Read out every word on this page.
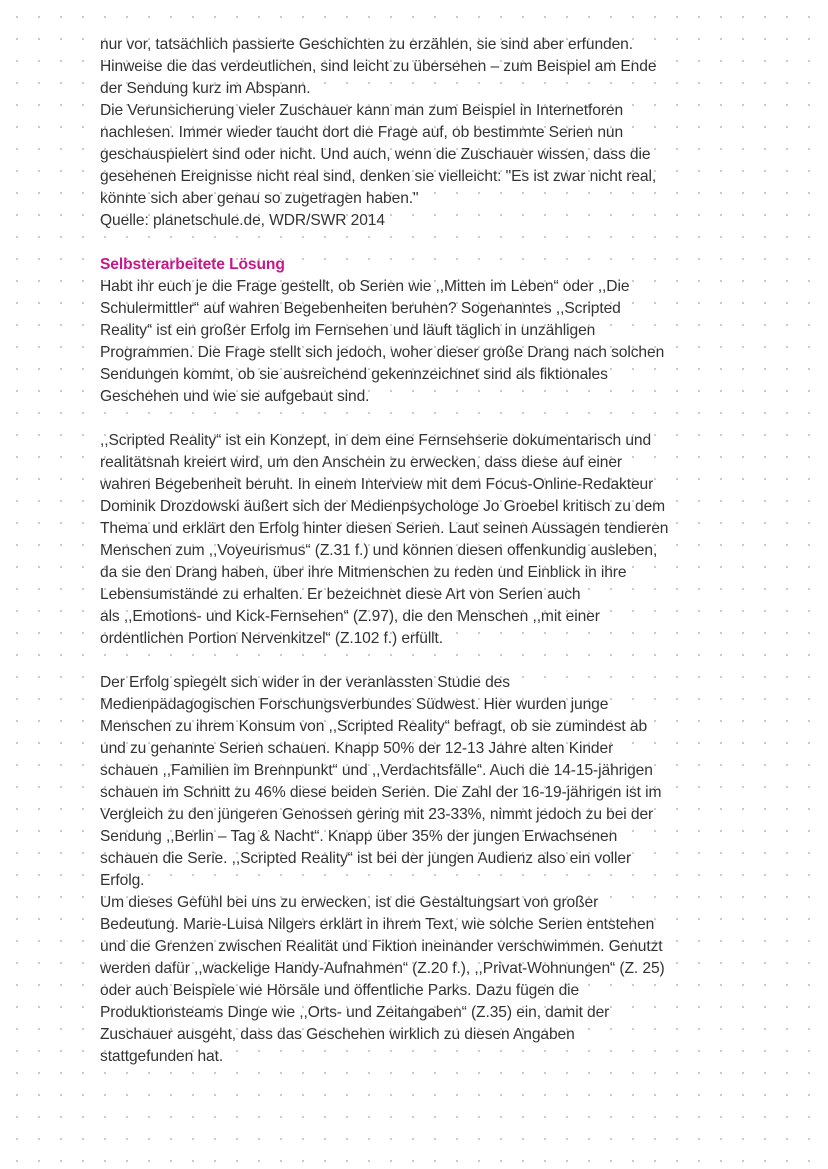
nur vor, tatsächlich passierte Geschichten zu erzählen, sie sind aber erfunden.
Hinweise die das verdeutlichen, sind leicht zu übersehen – zum Beispiel am Ende
der Sendung kurz im Abspann.
Die Verunsicherung vieler Zuschauer kann man zum Beispiel in Internetforen
nachlesen. Immer wieder taucht dort die Frage auf, ob bestimmte Serien nun
geschauspielert sind oder nicht. Und auch, wenn die Zuschauer wissen, dass die
gesehenen Ereignisse nicht real sind, denken sie vielleicht: "Es ist zwar nicht real,
könnte sich aber genau so zugetragen haben."
Quelle: planetschule.de, WDR/SWR 2014

Selbsterarbeitete Lösung

Habt ihr euch je die Frage gestellt, ob Serien wie ,,Mitten im Leben“ oder ,,Die
Schulermittler“ auf wahren Begebenheiten beruhen? Sogenanntes ,,Scripted
Reality“ ist ein großer Erfolg im Fernsehen und läuft täglich in unzähligen
Programmen. Die Frage stellt sich jedoch, woher dieser große Drang nach solchen
Sendungen kommt, ob sie ausreichend gekennzeichnet sind als fiktionales
Geschehen und wie sie aufgebaut sind.

,,Scripted Reality“ ist ein Konzept, in dem eine Fernsehserie dokumentarisch und
realitätsnah kreiert wird, um den Anschein zu erwecken, dass diese auf einer
wahren Begebenheit beruht. In einem Interview mit dem Focus-Online-Redakteur
Dominik Drozdowski äußert sich der Medienpsychologe Jo Groebel kritisch zu dem
Thema und erklärt den Erfolg hinter diesen Serien. Laut seinen Aussagen tendieren
Menschen zum ,,Voyeurismus“ (Z.31 f.) und können diesen offenkundig ausleben,
da sie den Drang haben, über ihre Mitmenschen zu reden und Einblick in ihre
Lebensumstände zu erhalten. Er bezeichnet diese Art von Serien auch
als ,,Emotions- und Kick-Fernsehen“ (Z.97), die den Menschen ,,mit einer
ordentlichen Portion Nervenkitzel“ (Z.102 f.) erfüllt.

Der Erfolg spiegelt sich wider in der veranlassten Studie des
Medienpädagogischen Forschungsverbundes Südwest. Hier wurden junge
Menschen zu ihrem Konsum von ,,Scripted Reality“ befragt, ob sie zumindest ab
und zu genannte Serien schauen. Knapp 50% der 12-13 Jahre alten Kinder
schauen ,,Familien im Brennpunkt“ und ,,Verdachtsfälle“. Auch die 14-15-jährigen
schauen im Schnitt zu 46% diese beiden Serien. Die Zahl der 16-19-jährigen ist im
Vergleich zu den jüngeren Genossen gering mit 23-33%, nimmt jedoch zu bei der
Sendung ,,Berlin – Tag & Nacht“. Knapp über 35% der jungen Erwachsenen
schauen die Serie. ,,Scripted Reality“ ist bei der jungen Audienz also ein voller
Erfolg.
Um dieses Gefühl bei uns zu erwecken, ist die Gestaltungsart von großer
Bedeutung. Marie-Luisa Nilgers erklärt in ihrem Text, wie solche Serien entstehen
und die Grenzen zwischen Realität und Fiktion ineinander verschwimmen. Genutzt
werden dafür ,,wackelige Handy-Aufnahmen“ (Z.20 f.), ,,Privat-Wohnungen“ (Z. 25)
oder auch Beispiele wie Hörsäle und öffentliche Parks. Dazu fügen die
Produktionsteams Dinge wie ,,Orts- und Zeitangaben“ (Z.35) ein, damit der
Zuschauer ausgeht, dass das Geschehen wirklich zu diesen Angaben
stattgefunden hat.
